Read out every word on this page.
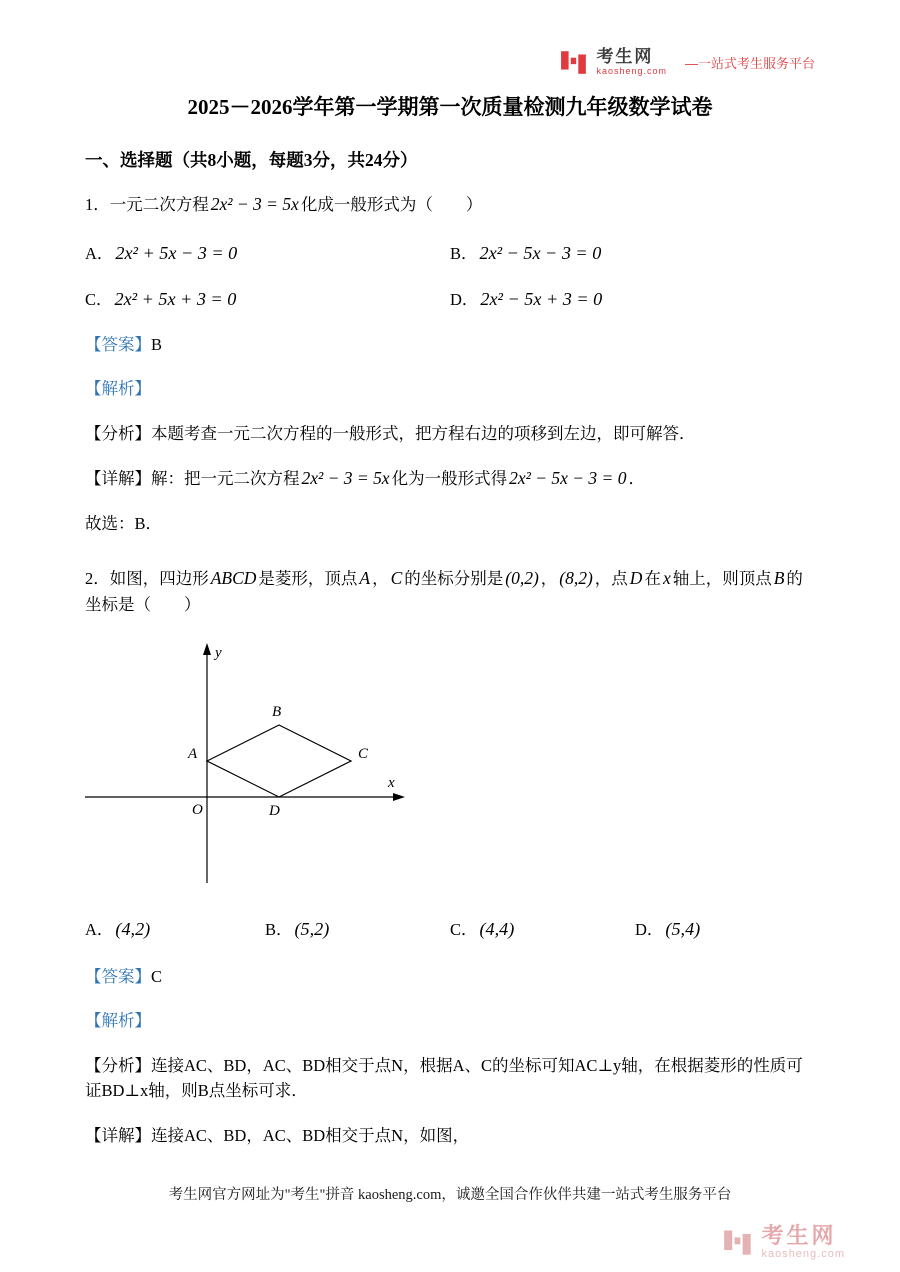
考生网
kaosheng.com —一站式考生服务平台
2025－2026学年第一学期第一次质量检测九年级数学试卷
一、选择题（共8小题，每题3分，共24分）

1．一元二次方程 2x² − 3 = 5x 化成一般形式为（　　）

A． 2x² + 5x − 3 = 0	B． 2x² − 5x − 3 = 0
C． 2x² + 5x + 3 = 0	D． 2x² − 5x + 3 = 0

【答案】B

【解析】

【分析】本题考查一元二次方程的一般形式，把方程右边的项移到左边，即可解答．

【详解】解：把一元二次方程 2x² − 3 = 5x 化为一般形式得 2x² − 5x − 3 = 0 ．

故选：B．

2．如图，四边形 ABCD 是菱形，顶点 A ， C 的坐标分别是 (0,2) ， (8,2) ，点 D 在 x 轴上，则顶点 B 的坐标是（　　）

y
x
O
A
B
C
D
A． (4,2)	B． (5,2)	C． (4,4)	D． (5,4)

【答案】C

【解析】

【分析】连接AC、BD，AC、BD相交于点N，根据A、C的坐标可知AC⊥y轴，在根据菱形的性质可证BD⊥x轴，则B点坐标可求．

【详解】连接AC、BD，AC、BD相交于点N，如图，

考生网官方网址为"考生"拼音 kaosheng.com，诚邀全国合作伙伴共建一站式考生服务平台
考生网
kaosheng.com
